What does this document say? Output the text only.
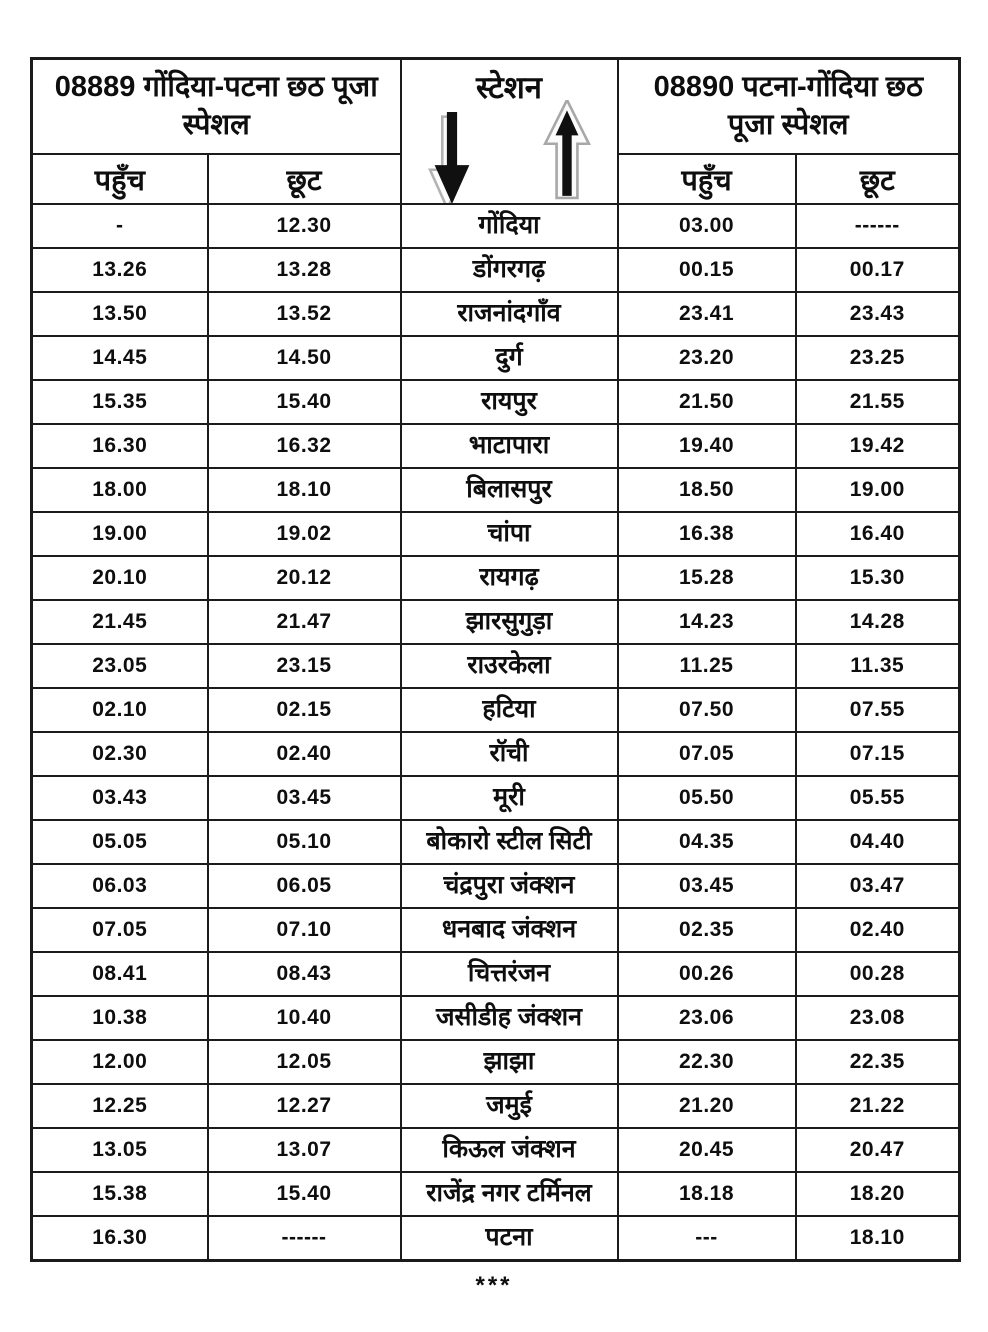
08889 गोंदिया-पटना छठ पूजा स्पेशल		स्टेशन	08890 पटना-गोंदिया छठ पूजा स्पेशल	
पहुँच	छूट		पहुँच	छूट
-	12.30	गोंदिया	03.00	------
13.26	13.28	डोंगरगढ़	00.15	00.17
13.50	13.52	राजनांदगाँव	23.41	23.43
14.45	14.50	दुर्ग	23.20	23.25
15.35	15.40	रायपुर	21.50	21.55
16.30	16.32	भाटापारा	19.40	19.42
18.00	18.10	बिलासपुर	18.50	19.00
19.00	19.02	चांपा	16.38	16.40
20.10	20.12	रायगढ़	15.28	15.30
21.45	21.47	झारसुगुड़ा	14.23	14.28
23.05	23.15	राउरकेला	11.25	11.35
02.10	02.15	हटिया	07.50	07.55
02.30	02.40	रॉची	07.05	07.15
03.43	03.45	मूरी	05.50	05.55
05.05	05.10	बोकारो स्टील सिटी	04.35	04.40
06.03	06.05	चंद्रपुरा जंक्शन	03.45	03.47
07.05	07.10	धनबाद जंक्शन	02.35	02.40
08.41	08.43	चित्तरंजन	00.26	00.28
10.38	10.40	जसीडीह जंक्शन	23.06	23.08
12.00	12.05	झाझा	22.30	22.35
12.25	12.27	जमुई	21.20	21.22
13.05	13.07	किऊल जंक्शन	20.45	20.47
15.38	15.40	राजेंद्र नगर टर्मिनल	18.18	18.20
16.30	------	पटना	---	18.10
***
